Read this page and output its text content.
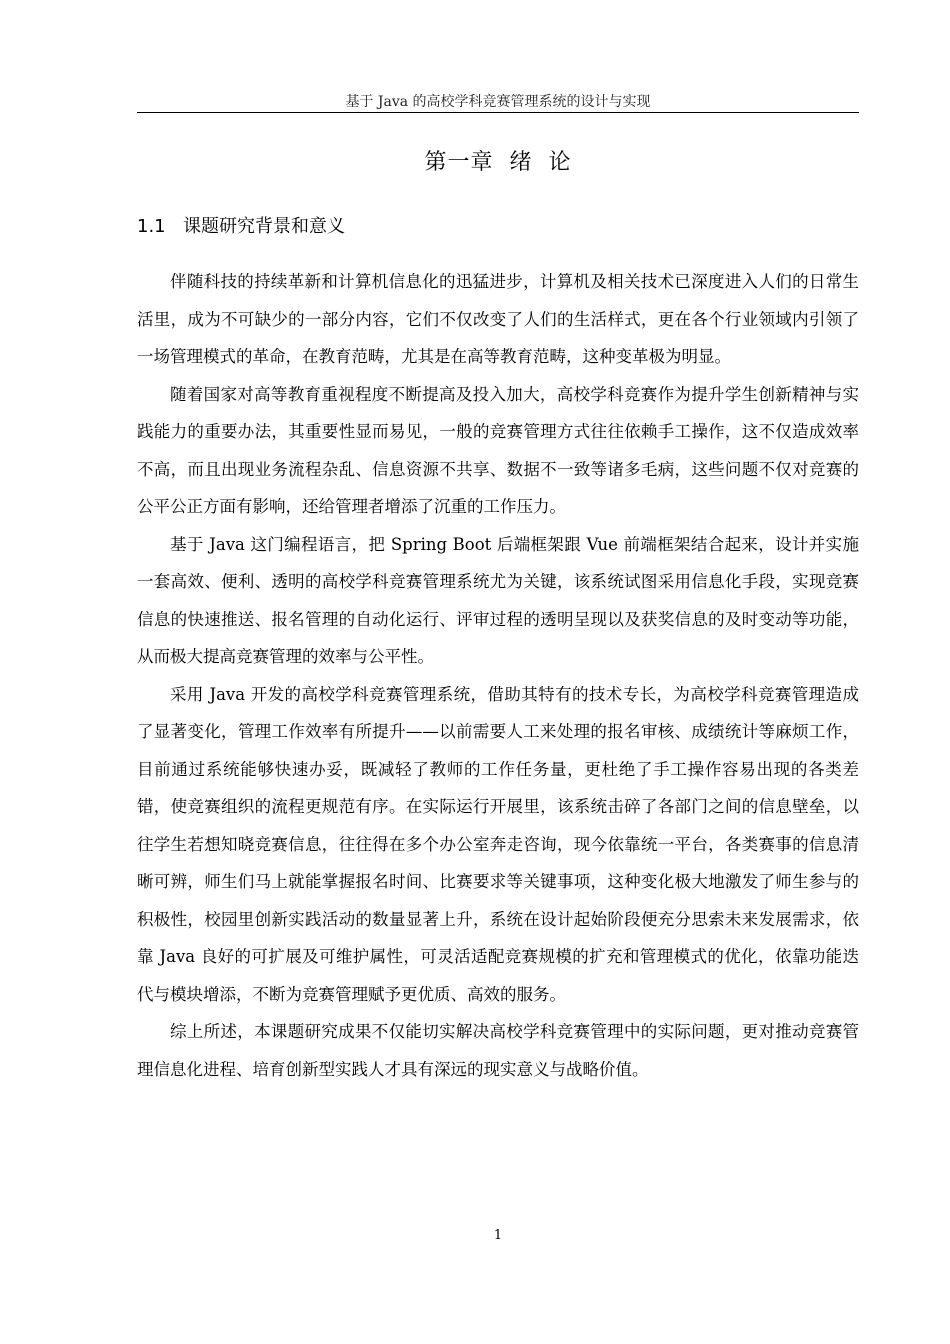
基于 Java 的高校学科竞赛管理系统的设计与实现
第一章  绪  论
1.1 课题研究背景和意义

伴随科技的持续革新和计算机信息化的迅猛进步，计算机及相关技术已深度进入人们的日常生活里，成为不可缺少的一部分内容，它们不仅改变了人们的生活样式，更在各个行业领域内引领了一场管理模式的革命，在教育范畴，尤其是在高等教育范畴，这种变革极为明显。

随着国家对高等教育重视程度不断提高及投入加大，高校学科竞赛作为提升学生创新精神与实践能力的重要办法，其重要性显而易见，一般的竞赛管理方式往往依赖手工操作，这不仅造成效率不高，而且出现业务流程杂乱、信息资源不共享、数据不一致等诸多毛病，这些问题不仅对竞赛的公平公正方面有影响，还给管理者增添了沉重的工作压力。

基于 Java 这门编程语言，把 Spring Boot 后端框架跟 Vue 前端框架结合起来，设计并实施一套高效、便利、透明的高校学科竞赛管理系统尤为关键，该系统试图采用信息化手段，实现竞赛信息的快速推送、报名管理的自动化运行、评审过程的透明呈现以及获奖信息的及时变动等功能，从而极大提高竞赛管理的效率与公平性。

采用 Java 开发的高校学科竞赛管理系统，借助其特有的技术专长，为高校学科竞赛管理造成了显著变化，管理工作效率有所提升——以前需要人工来处理的报名审核、成绩统计等麻烦工作，目前通过系统能够快速办妥，既减轻了教师的工作任务量，更杜绝了手工操作容易出现的各类差错，使竞赛组织的流程更规范有序。在实际运行开展里，该系统击碎了各部门之间的信息壁垒，以往学生若想知晓竞赛信息，往往得在多个办公室奔走咨询，现今依靠统一平台，各类赛事的信息清晰可辨，师生们马上就能掌握报名时间、比赛要求等关键事项，这种变化极大地激发了师生参与的积极性，校园里创新实践活动的数量显著上升，系统在设计起始阶段便充分思索未来发展需求，依靠 Java 良好的可扩展及可维护属性，可灵活适配竞赛规模的扩充和管理模式的优化，依靠功能迭代与模块增添，不断为竞赛管理赋予更优质、高效的服务。

综上所述，本课题研究成果不仅能切实解决高校学科竞赛管理中的实际问题，更对推动竞赛管理信息化进程、培育创新型实践人才具有深远的现实意义与战略价值。

1
